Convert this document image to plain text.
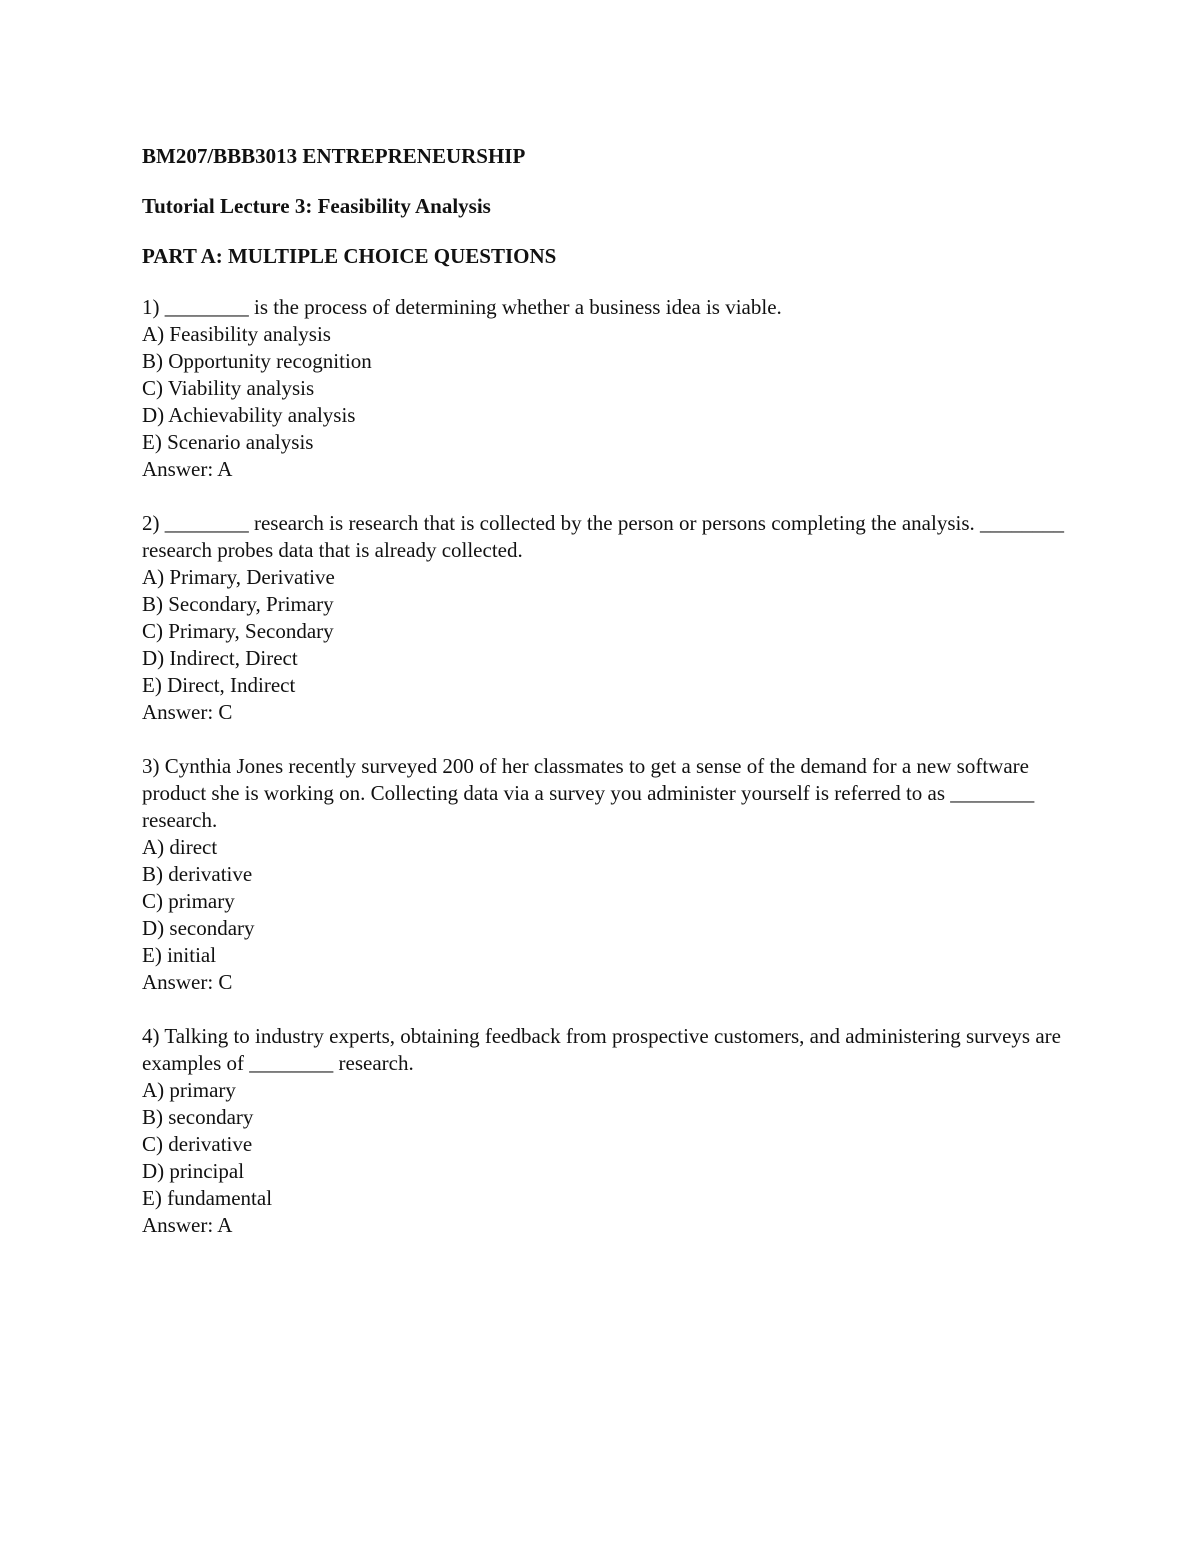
BM207/BBB3013 ENTREPRENEURSHIP
Tutorial Lecture 3: Feasibility Analysis
PART A: MULTIPLE CHOICE QUESTIONS
1) ________ is the process of determining whether a business idea is viable.
A) Feasibility analysis
B) Opportunity recognition
C) Viability analysis
D) Achievability analysis
E) Scenario analysis
Answer: A
2) ________ research is research that is collected by the person or persons completing the analysis. ________ research probes data that is already collected.
A) Primary, Derivative
B) Secondary, Primary
C) Primary, Secondary
D) Indirect, Direct
E) Direct, Indirect
Answer: C
3) Cynthia Jones recently surveyed 200 of her classmates to get a sense of the demand for a new software product she is working on. Collecting data via a survey you administer yourself is referred to as ________ research.
A) direct
B) derivative
C) primary
D) secondary
E) initial
Answer: C
4) Talking to industry experts, obtaining feedback from prospective customers, and administering surveys are examples of ________ research.
A) primary
B) secondary
C) derivative
D) principal
E) fundamental
Answer: A
